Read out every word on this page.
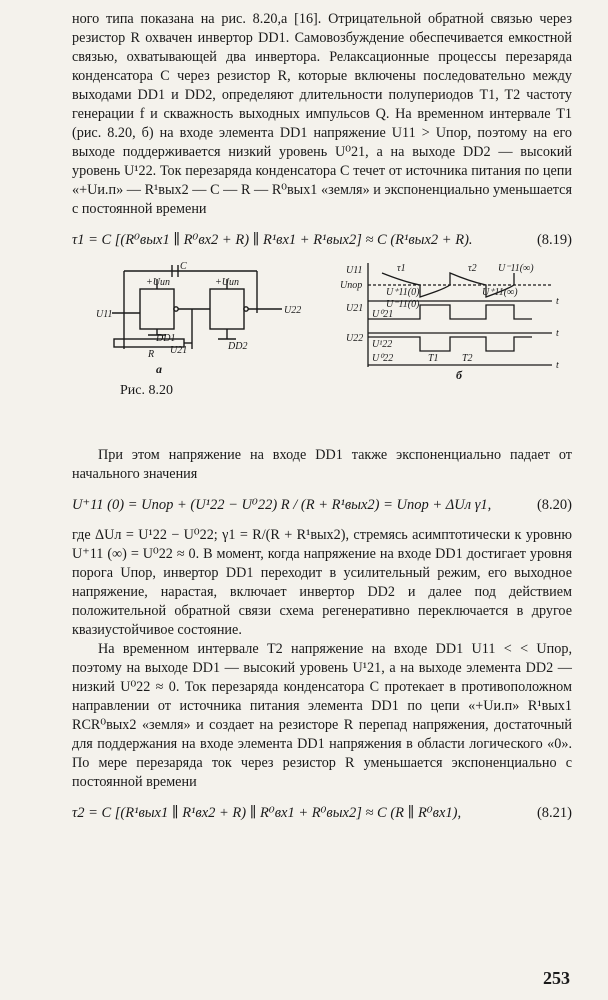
ного типа показана на рис. 8.20,а [16]. Отрицательной обратной связью через резистор R охвачен инвертор DD1. Самовозбуждение обеспечивается емкостной связью, охватывающей два инвертора. Релаксационные процессы перезаряда конденсатора C через резистор R, которые включены последовательно между выходами DD1 и DD2, определяют длительности полупериодов T1, T2 частоту генерации f и скважность выходных импульсов Q. На временном интервале T1 (рис. 8.20, б) на входе элемента DD1 напряжение U11 > Uпор, поэтому на его выходе поддерживается низкий уровень U⁰21, а на выходе DD2 — высокий уровень U¹22. Ток перезаряда конденсатора C течет от источника питания по цепи «+Uи.п» — R¹вых2 — C — R — R⁰вых1 «земля» и экспоненциально уменьшается с постоянной времени

τ1 = C [(R⁰вых1 ∥ R⁰вх2 + R) ∥ R¹вх1 + R¹вых2] ≈ C (R¹вых2 + R).	(8.19)
C
+Uип	+Uип
U11	U22
DD1
DD2
R U21
а
U11
Uпор
U21
U22
τ1	τ2
U⁺11(0)
U⁻11(0)
U⁻11(∞)
U⁺11(∞)
U⁰21
U¹22
U⁰22	T1 T2
t
t
t
б
Рис. 8.20

При этом напряжение на входе DD1 также экспоненциально падает от начального значения

U⁺11 (0) = Uпор + (U¹22 − U⁰22) R / (R + R¹вых2) = Uпор + ΔUл γ1,	(8.20)

где ΔUл = U¹22 − U⁰22; γ1 = R/(R + R¹вых2), стремясь асимптотически к уровню U⁺11 (∞) = U⁰22 ≈ 0. В момент, когда напряжение на входе DD1 достигает уровня порога Uпор, инвертор DD1 переходит в усилительный режим, его выходное напряжение, нарастая, включает инвертор DD2 и далее под действием положительной обратной связи схема регенеративно переключается в другое квазиустойчивое состояние.

На временном интервале T2 напряжение на входе DD1 U11 < < Uпор, поэтому на выходе DD1 — высокий уровень U¹21, а на выходе элемента DD2 — низкий U⁰22 ≈ 0. Ток перезаряда конденсатора C протекает в противоположном направлении от источника питания элемента DD1 по цепи «+Uи.п» R¹вых1 RCR⁰вых2 «земля» и создает на резисторе R перепад напряжения, достаточный для поддержания на входе элемента DD1 напряжения в области логического «0». По мере перезаряда ток через резистор R уменьшается экспоненциально с постоянной времени

τ2 = C [(R¹вых1 ∥ R¹вх2 + R) ∥ R⁰вх1 + R⁰вых2] ≈ C (R ∥ R⁰вх1),	(8.21)
253
